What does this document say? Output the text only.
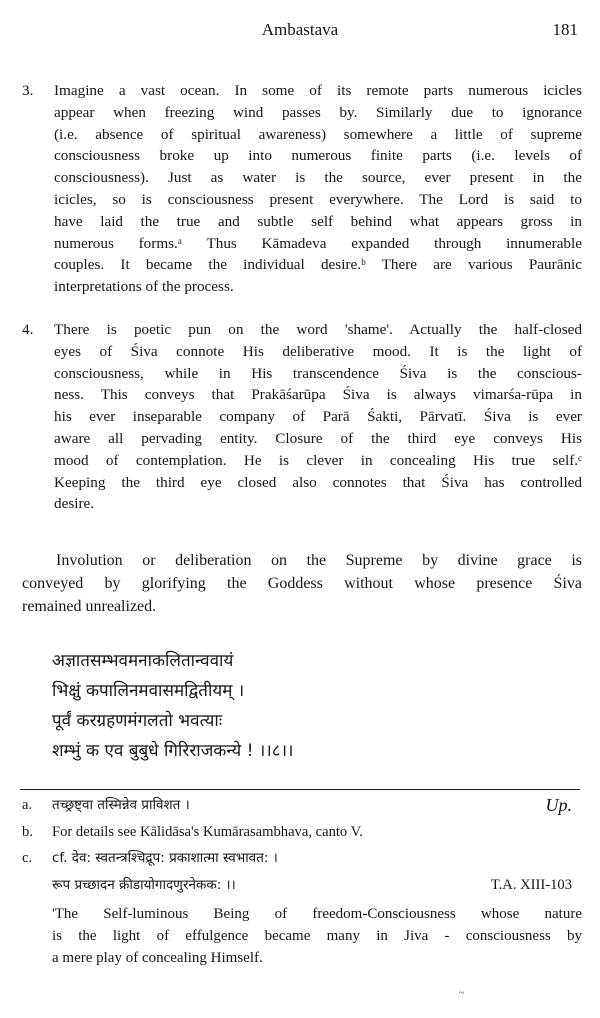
Ambastava	181
3. Imagine a vast ocean. In some of its remote parts numerous icicles
appear when freezing wind passes by. Similarly due to ignorance
(i.e. absence of spiritual awareness) somewhere a little of supreme
consciousness broke up into numerous finite parts (i.e. levels of
consciousness). Just as water is the source, ever present in the
icicles, so is consciousness present everywhere. The Lord is said to
have laid the true and subtle self behind what appears gross in
numerous forms.ᵃ Thus Kāmadeva expanded through innumerable
couples. It became the individual desire.ᵇ There are various Paurānic
interpretations of the process.
4. There is poetic pun on the word 'shame'. Actually the half-closed
eyes of Śiva connote His deliberative mood. It is the light of
consciousness, while in His transcendence Śiva is the conscious-
ness. This conveys that Prakāśarūpa Śiva is always vimarśa-rūpa in
his ever inseparable company of Parā Śakti, Pārvatī. Śiva is ever
aware all pervading entity. Closure of the third eye conveys His
mood of contemplation. He is clever in concealing His true self.ᶜ
Keeping the third eye closed also connotes that Śiva has controlled
desire.
Involution or deliberation on the Supreme by divine grace is
conveyed by glorifying the Goddess without whose presence Śiva
remained unrealized.
अज्ञातसम्भवमनाकलितान्ववायं
भिक्षुं कपालिनमवासमद्वितीयम् ।
पूर्वं करग्रहणमंगलतो भवत्याः
शम्भुं क एव बुबुधे गिरिराजकन्ये ! ।।८।।
a. तच्छ्रष्ट्वा तस्मिन्नेव प्राविशत ।	Up.
b. For details see Kālidāsa's Kumārasambhava, canto V.
c. cf. देव: स्वतन्त्रश्चिद्रूप: प्रकाशात्मा स्वभावत: ।
रूप प्रच्छादन क्रीडायोगादणुरनेकक: ।।	T.A. XIII-103
'The Self-luminous Being of freedom-Consciousness whose nature
is the light of effulgence became many in Jiva - consciousness by
a mere play of concealing Himself.
~
